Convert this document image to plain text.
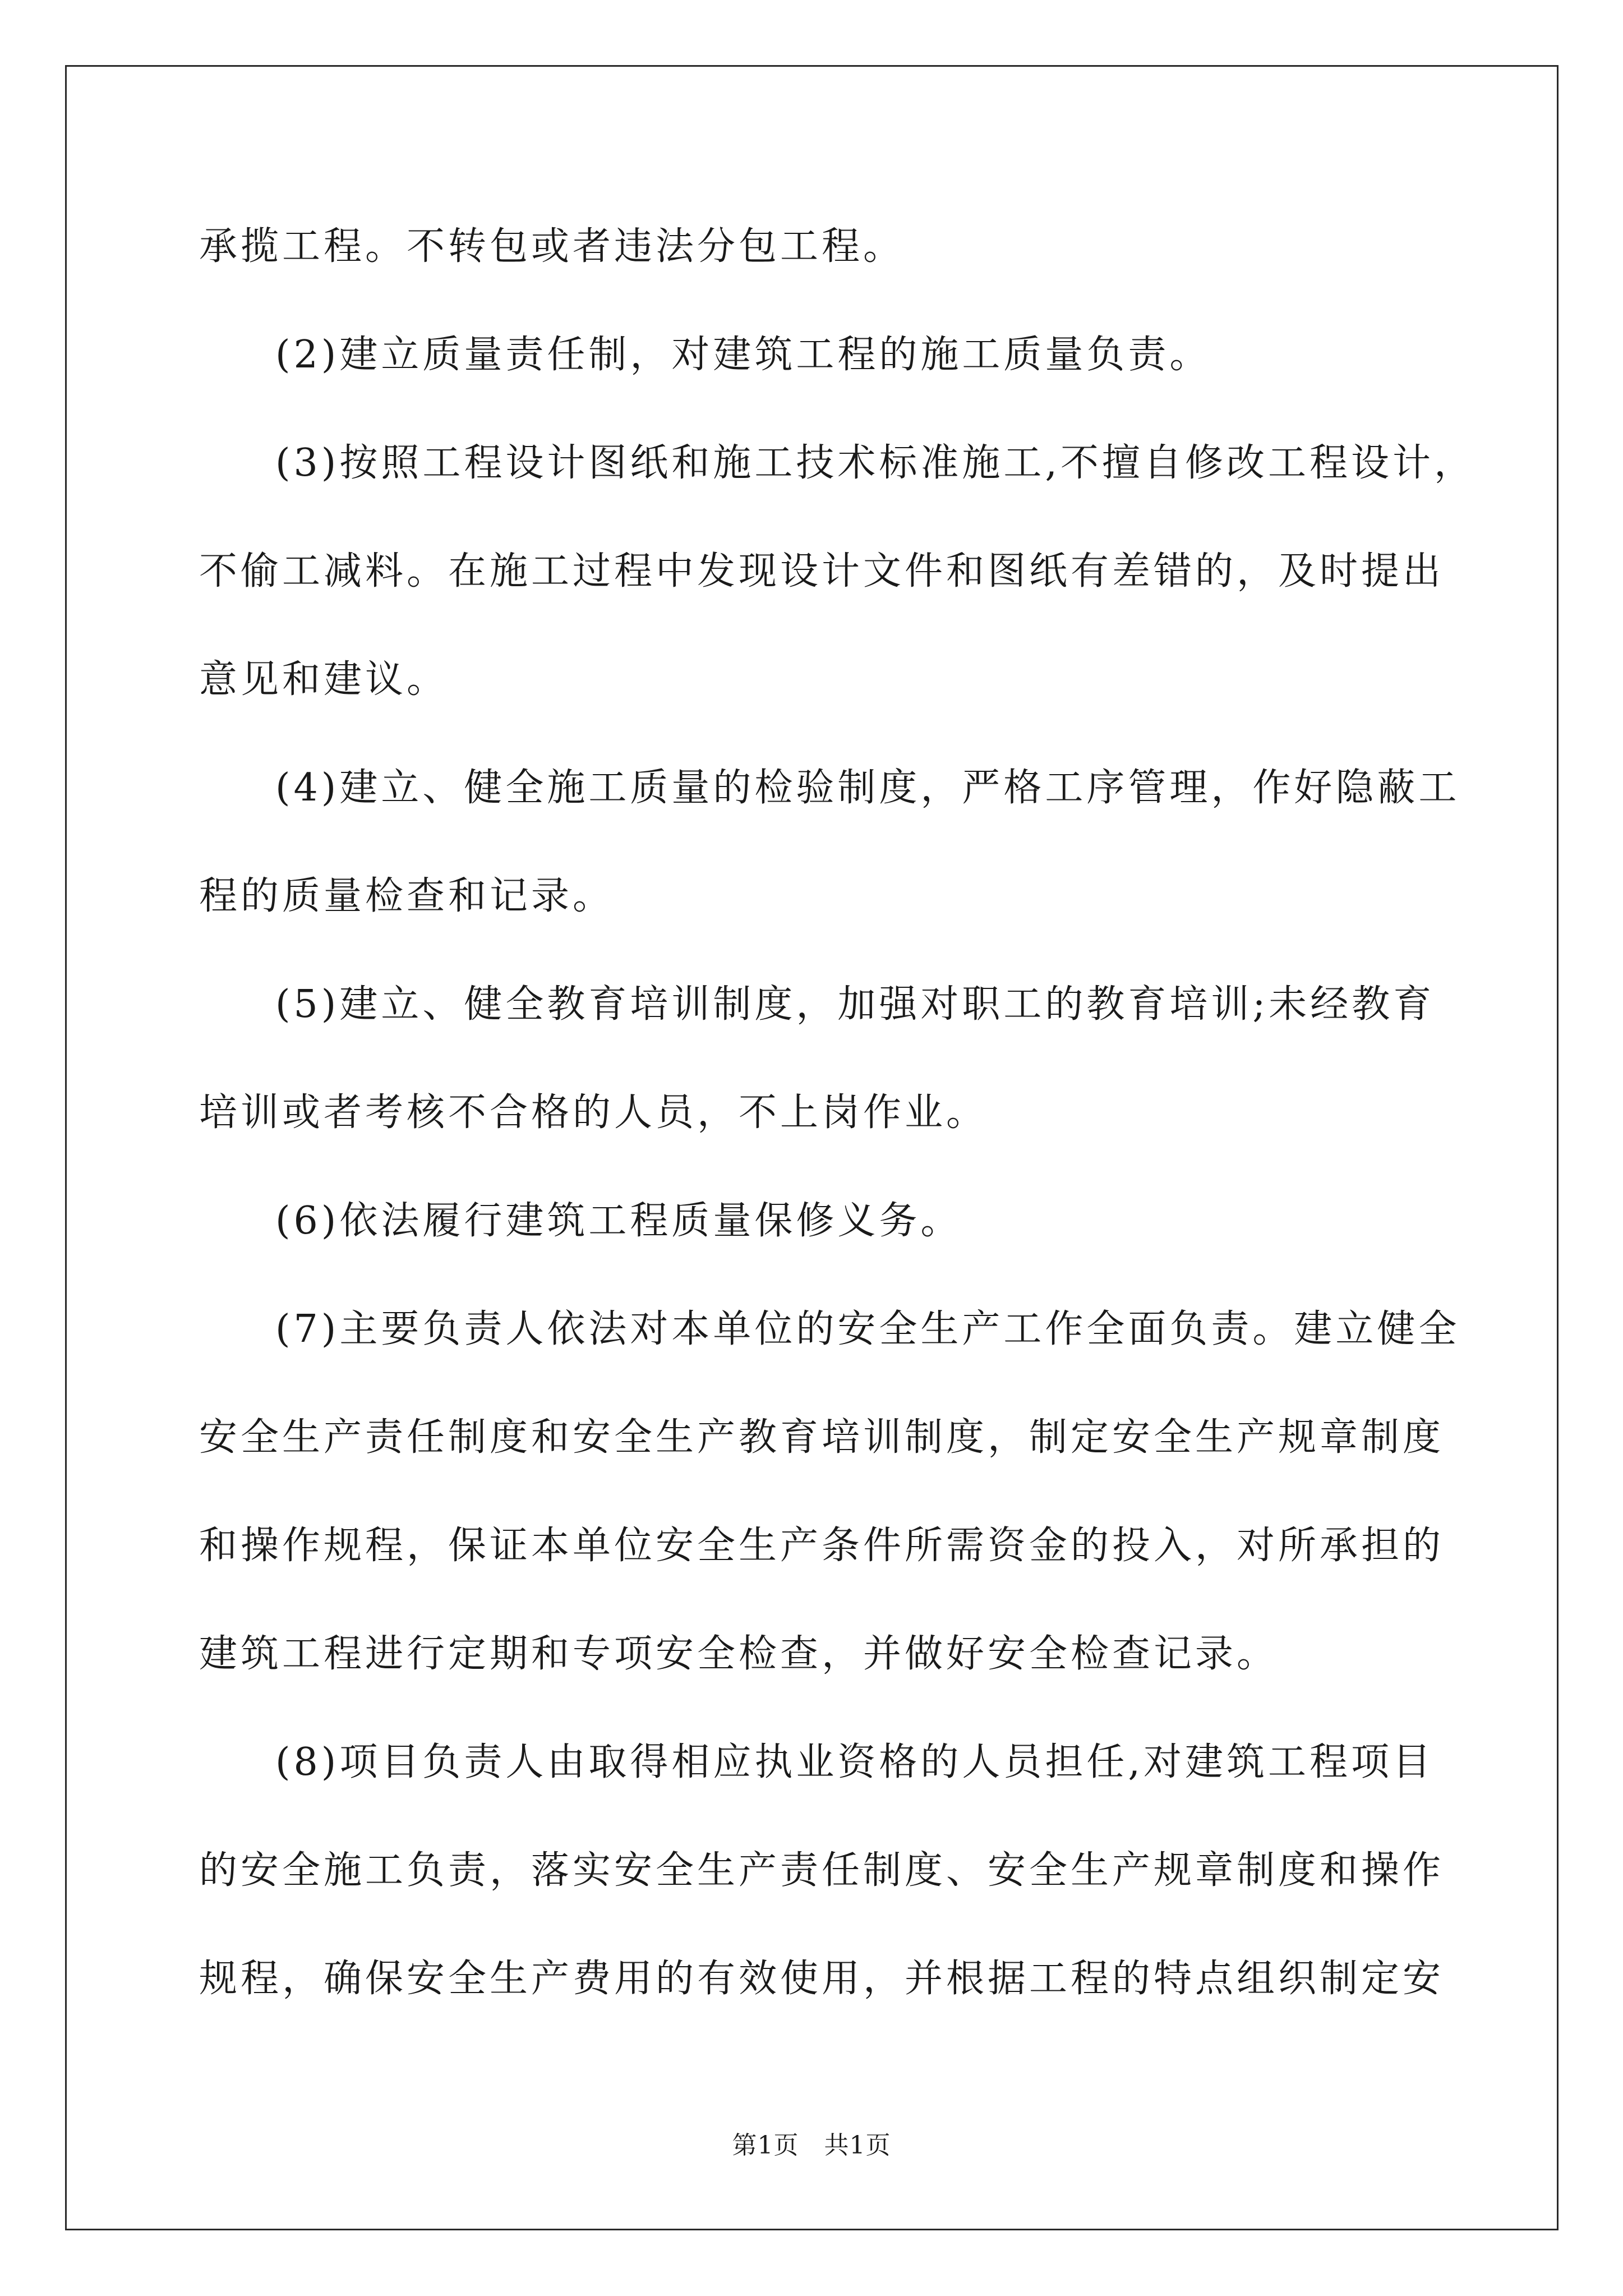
承揽工程。不转包或者违法分包工程。
(2)建立质量责任制，对建筑工程的施工质量负责。
(3)按照工程设计图纸和施工技术标准施工,不擅自修改工程设计，
不偷工减料。在施工过程中发现设计文件和图纸有差错的，及时提出
意见和建议。
(4)建立、健全施工质量的检验制度，严格工序管理，作好隐蔽工
程的质量检查和记录。
(5)建立、健全教育培训制度，加强对职工的教育培训;未经教育
培训或者考核不合格的人员，不上岗作业。
(6)依法履行建筑工程质量保修义务。
(7)主要负责人依法对本单位的安全生产工作全面负责。建立健全
安全生产责任制度和安全生产教育培训制度，制定安全生产规章制度
和操作规程，保证本单位安全生产条件所需资金的投入，对所承担的
建筑工程进行定期和专项安全检查，并做好安全检查记录。
(8)项目负责人由取得相应执业资格的人员担任,对建筑工程项目
的安全施工负责，落实安全生产责任制度、安全生产规章制度和操作
规程，确保安全生产费用的有效使用，并根据工程的特点组织制定安
第1页   共1页
